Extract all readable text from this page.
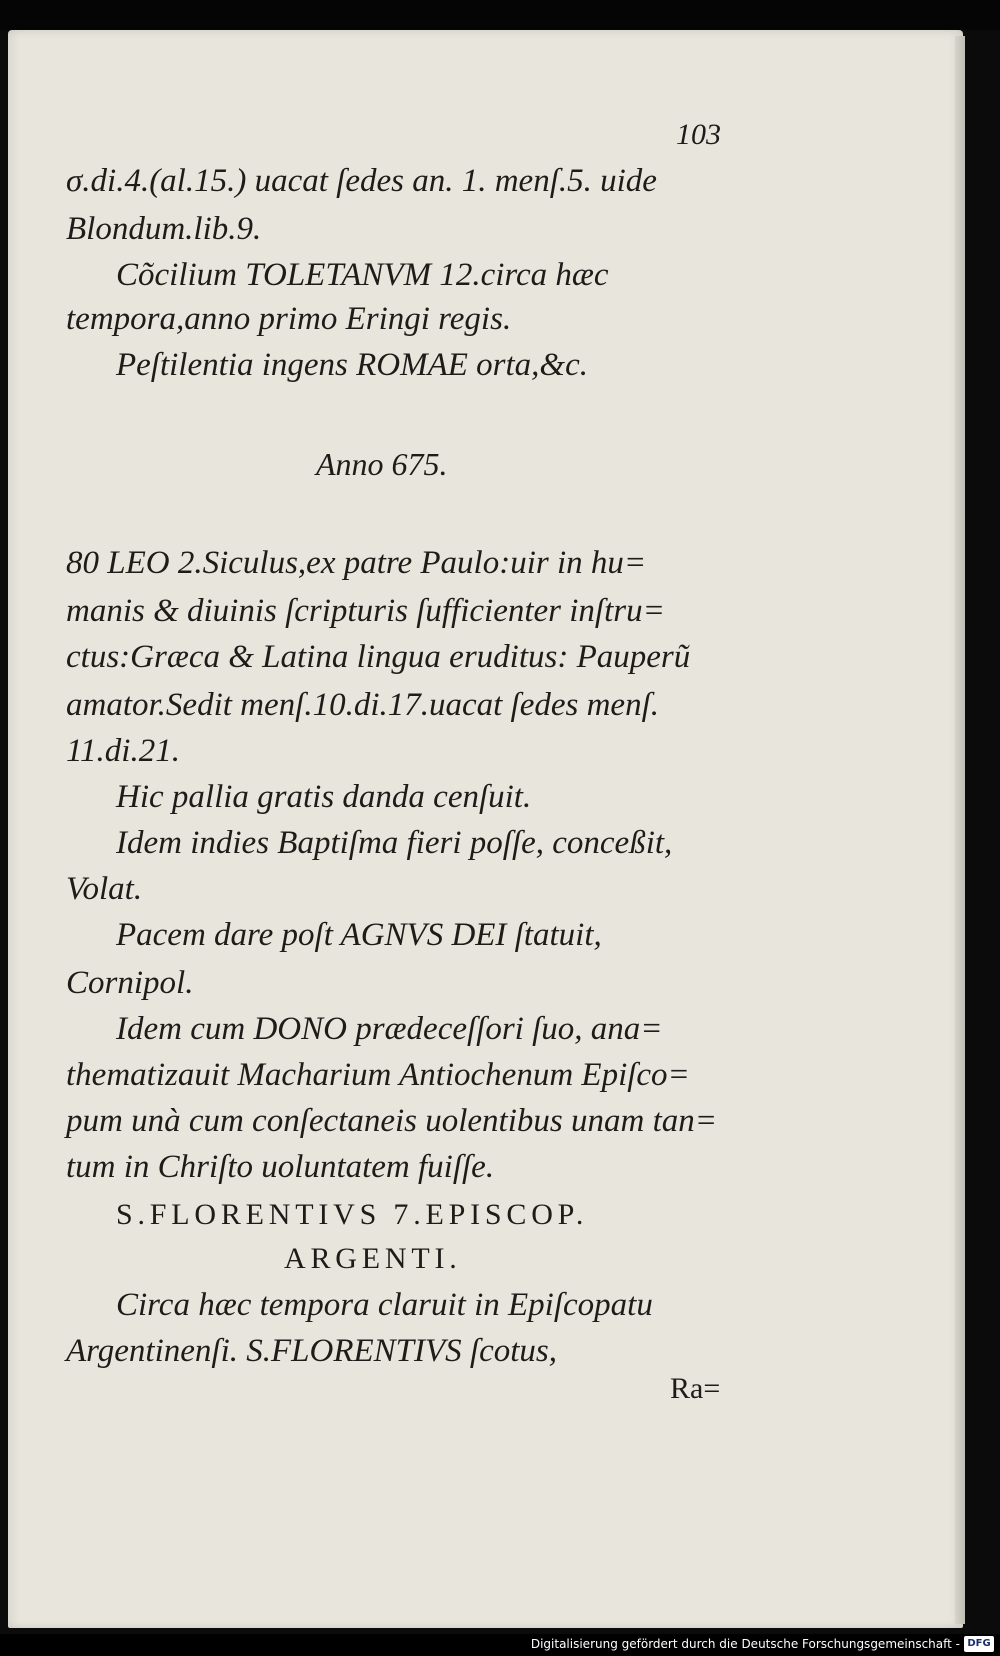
103
σ.di.4.(al.15.) uacat ſedes an. 1. menſ.5. uide
Blondum.lib.9.
Cõcilium TOLETANVM 12.circa hæc
tempora,anno primo Eringi regis.
Peſtilentia ingens ROMAE orta,&c.
Anno 675.
80 LEO 2.Siculus,ex patre Paulo:uir in hu=
manis & diuinis ſcripturis ſufficienter inſtru=
ctus:Græca & Latina lingua eruditus: Pauperũ
amator.Sedit menſ.10.di.17.uacat ſedes menſ.
11.di.21.
Hic pallia gratis danda cenſuit.
Idem indies Baptiſma fieri poſſe, conceßit,
Volat.
Pacem dare poſt AGNVS DEI ſtatuit,
Cornipol.
Idem cum DONO prædeceſſori ſuo, ana=
thematizauit Macharium Antiochenum Epiſco=
pum unà cum conſectaneis uolentibus unam tan=
tum in Chriſto uoluntatem fuiſſe.
S.FLORENTIVS 7.EPISCOP.
ARGENTI.
Circa hæc tempora claruit in Epiſcopatu
Argentinenſi. S.FLORENTIVS ſcotus,
Ra=
Digitalisierung gefördert durch die Deutsche Forschungsgemeinschaft - DFG
